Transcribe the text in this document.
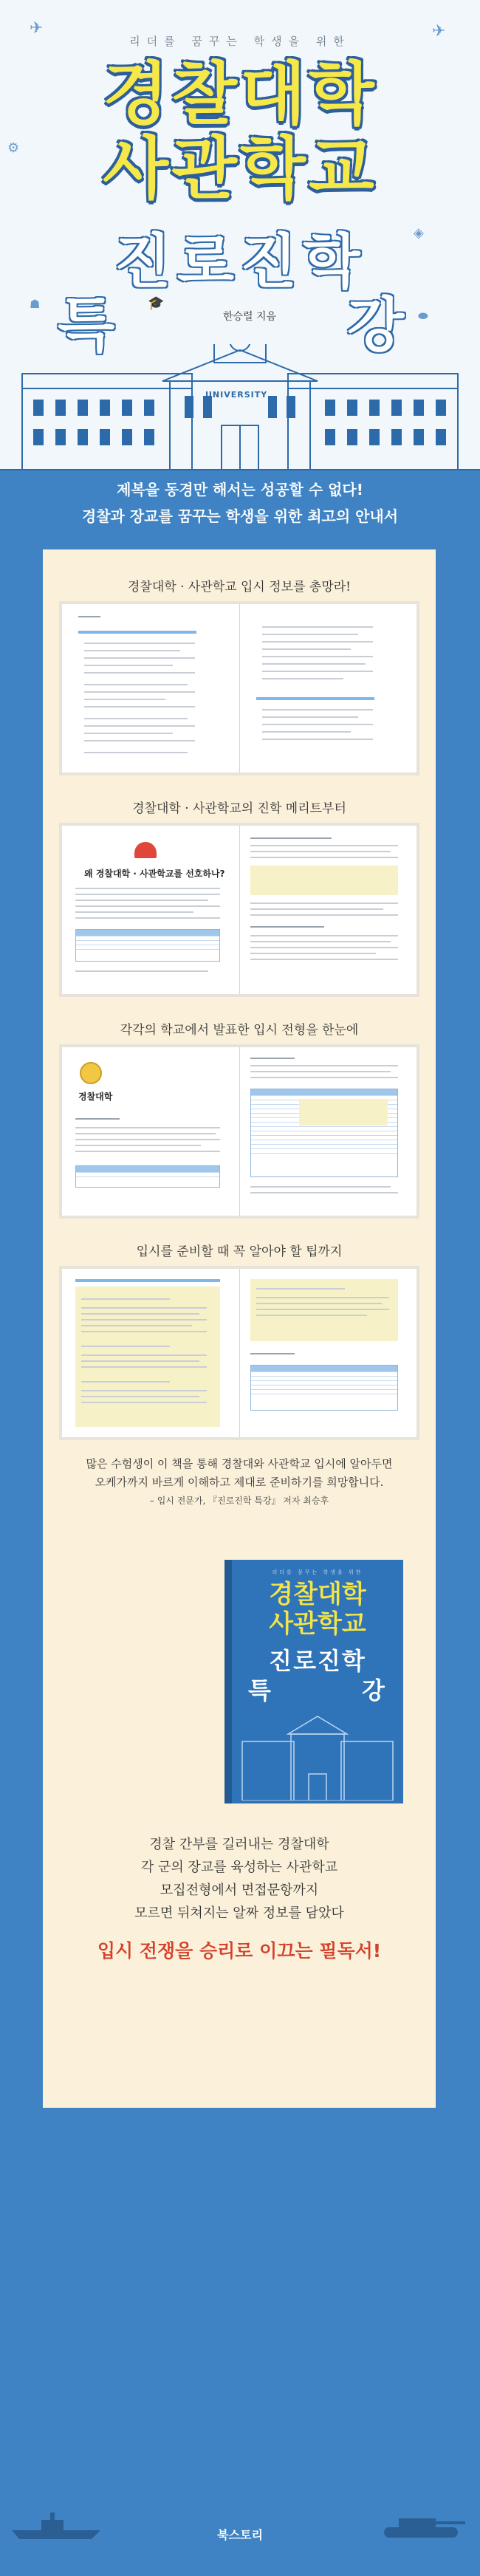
✈	✈
⚙
◈
☗	🎓
⬬
리더를 꿈꾸는 학생을 위한
경찰대학
사관학교
진로진학
특	강
한승렬 지음
UNIVERSITY

제복을 동경만 해서는 성공할 수 없다!

경찰과 장교를 꿈꾸는 학생을 위한 최고의 안내서

경찰대학 · 사관학교 입시 정보를 총망라!
경찰대학 · 사관학교의 진학 메리트부터
왜 경찰대학 · 사관학교를 선호하나?
각각의 학교에서 발표한 입시 전형을 한눈에
경찰대학
입시를 준비할 때 꼭 알아야 할 팁까지
많은 수험생이 이 책을 통해 경찰대와 사관학교 입시에 알아두면
오케가까지 바르게 이해하고 제대로 준비하기를 희망합니다.
– 입시 전문가, 『진로진학 특강』 저자 최승후
리더를 꿈꾸는 학생을 위한
경찰대학
사관학교
진로진학
특	강
경찰 간부를 길러내는 경찰대학
각 군의 장교를 육성하는 사관학교
모집전형에서 면접문항까지
모르면 뒤쳐지는 알짜 정보를 담았다
입시 전쟁을 승리로 이끄는 필독서!
북스토리
